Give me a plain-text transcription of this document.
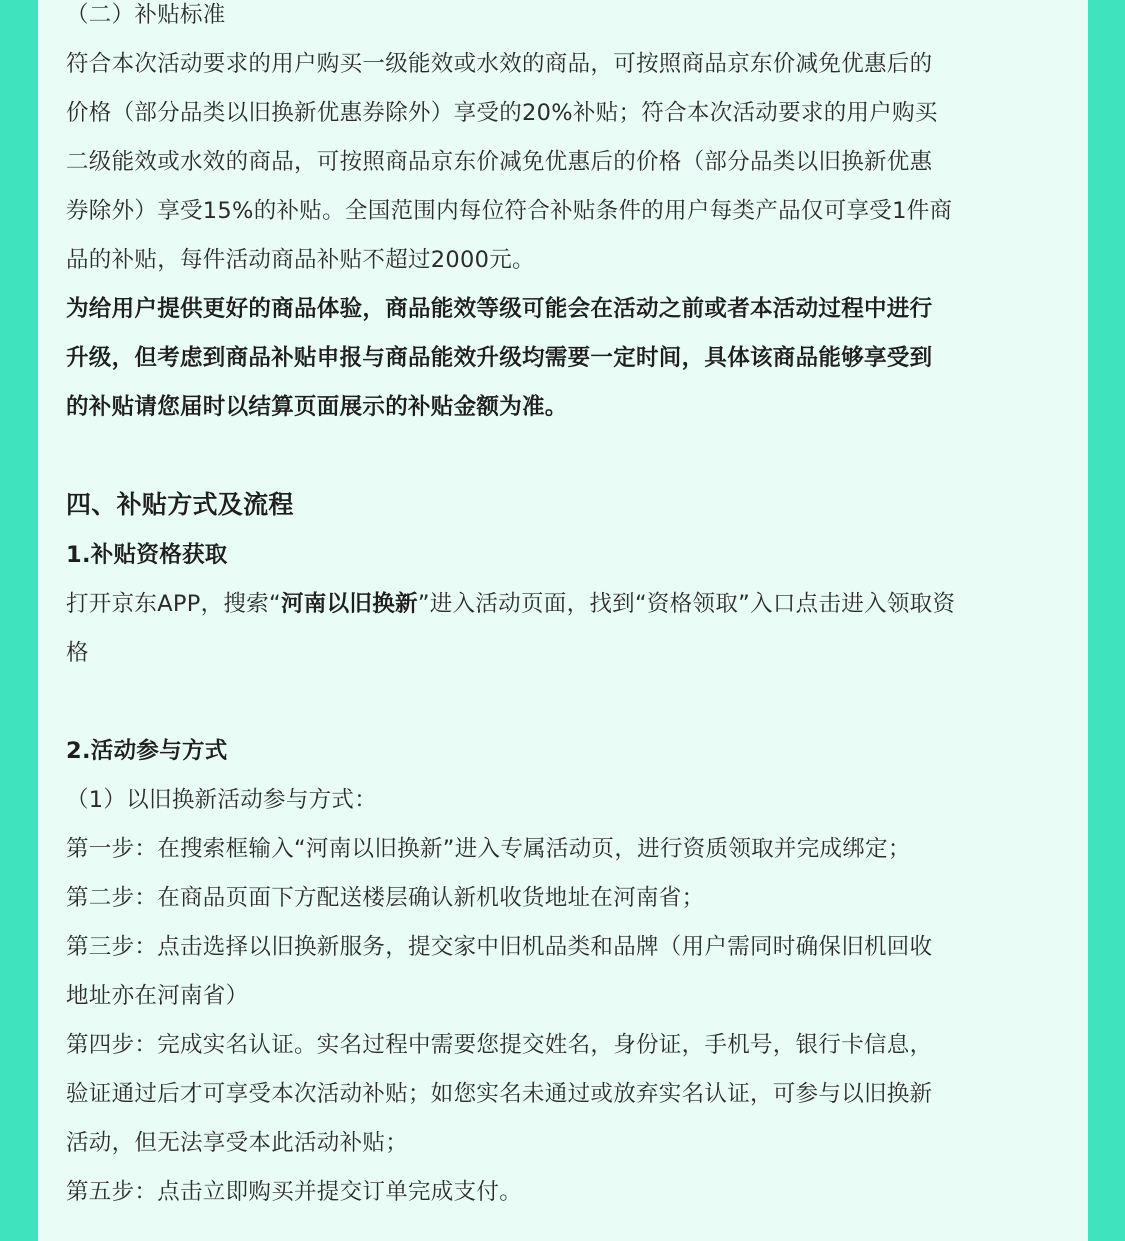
（二）补贴标准

符合本次活动要求的用户购买一级能效或水效的商品，可按照商品京东价减免优惠后的

价格（部分品类以旧换新优惠券除外）享受的20%补贴；符合本次活动要求的用户购买

二级能效或水效的商品，可按照商品京东价减免优惠后的价格（部分品类以旧换新优惠

券除外）享受15%的补贴。全国范围内每位符合补贴条件的用户每类产品仅可享受1件商

品的补贴，每件活动商品补贴不超过2000元。

为给用户提供更好的商品体验，商品能效等级可能会在活动之前或者本活动过程中进行

升级，但考虑到商品补贴申报与商品能效升级均需要一定时间，具体该商品能够享受到

的补贴请您届时以结算页面展示的补贴金额为准。

四、补贴方式及流程

1.补贴资格获取

打开京东APP，搜索“河南以旧换新”进入活动页面，找到“资格领取”入口点击进入领取资

格

2.活动参与方式

（1）以旧换新活动参与方式：

第一步：在搜索框输入“河南以旧换新”进入专属活动页，进行资质领取并完成绑定；

第二步：在商品页面下方配送楼层确认新机收货地址在河南省；

第三步：点击选择以旧换新服务，提交家中旧机品类和品牌（用户需同时确保旧机回收

地址亦在河南省）

第四步：完成实名认证。实名过程中需要您提交姓名，身份证，手机号，银行卡信息，

验证通过后才可享受本次活动补贴；如您实名未通过或放弃实名认证，可参与以旧换新

活动，但无法享受本此活动补贴；

第五步：点击立即购买并提交订单完成支付。
